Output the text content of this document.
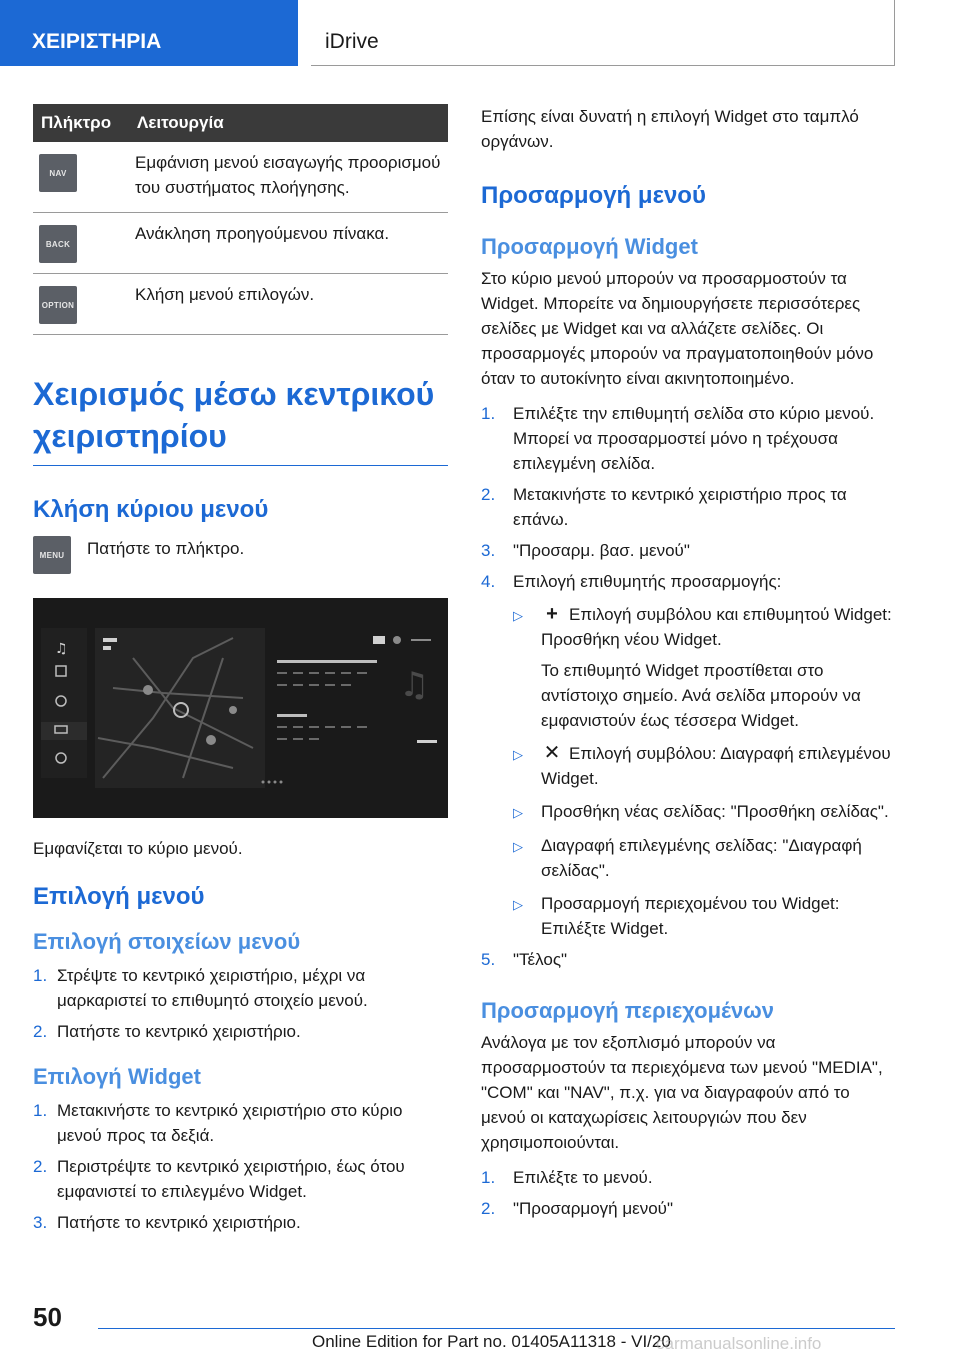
ΧΕΙΡΙΣΤΗΡΙΑ	iDrive
Πλήκτρο	Λειτουργία

NAV	Εμφάνιση μενού εισαγωγής προορισμού του συστήματος πλοήγησης.

BACK	Ανάκληση προηγούμενου πίνακα.

OPTION	Κλήση μενού επιλογών.
Χειρισμός μέσω κεντρικού χειριστηρίου
Κλήση κύριου μενού
MENU	Πατήστε το πλήκτρο.
♫
♫
Εμφανίζεται το κύριο μενού.
Επιλογή μενού
Επιλογή στοιχείων μενού
1. Στρέψτε το κεντρικό χειριστήριο, μέχρι να μαρκαριστεί το επιθυμητό στοιχείο μενού.
2. Πατήστε το κεντρικό χειριστήριο.
Επιλογή Widget
1. Μετακινήστε το κεντρικό χειριστήριο στο κύριο μενού προς τα δεξιά.
2. Περιστρέψτε το κεντρικό χειριστήριο, έως ότου εμφανιστεί το επιλεγμένο Widget.
3. Πατήστε το κεντρικό χειριστήριο.
Επίσης είναι δυνατή η επιλογή Widget στο ταμπλό οργάνων.
Προσαρμογή μενού
Προσαρμογή Widget
Στο κύριο μενού μπορούν να προσαρμοστούν τα Widget. Μπορείτε να δημιουργήσετε περισσότερες σελίδες με Widget και να αλλάζετε σελίδες. Οι προσαρμογές μπορούν να πραγματοποιηθούν μόνο όταν το αυτοκίνητο είναι ακινητοποιημένο.
1.	Επιλέξτε την επιθυμητή σελίδα στο κύριο μενού. Μπορεί να προσαρμοστεί μόνο η τρέχουσα επιλεγμένη σελίδα.
2.	Μετακινήστε το κεντρικό χειριστήριο προς τα επάνω.
3.	"Προσαρμ. βασ. μενού"
4.	Επιλογή επιθυμητής προσαρμογής:
▷	+ Επιλογή συμβόλου και επιθυμητού Widget: Προσθήκη νέου Widget.
Το επιθυμητό Widget προστίθεται στο αντίστοιχο σημείο. Ανά σελίδα μπορούν να εμφανιστούν έως τέσσερα Widget.
▷	✕ Επιλογή συμβόλου: Διαγραφή επιλεγμένου Widget.
▷	Προσθήκη νέας σελίδας: "Προσθήκη σελίδας".
▷	Διαγραφή επιλεγμένης σελίδας: "Διαγραφή σελίδας".
▷	Προσαρμογή περιεχομένου του Widget: Επιλέξτε Widget.
5.	"Τέλος"
Προσαρμογή περιεχομένων
Ανάλογα με τον εξοπλισμό μπορούν να προσαρμοστούν τα περιεχόμενα των μενού "MEDIA", "COM" και "NAV", π.χ. για να διαγραφούν από το μενού οι καταχωρίσεις λειτουργιών που δεν χρησιμοποιούνται.
1.	Επιλέξτε το μενού.
2.	"Προσαρμογή μενού"
50
Online Edition for Part no. 01405A11318 - VI/20
carmanualsonline.info
